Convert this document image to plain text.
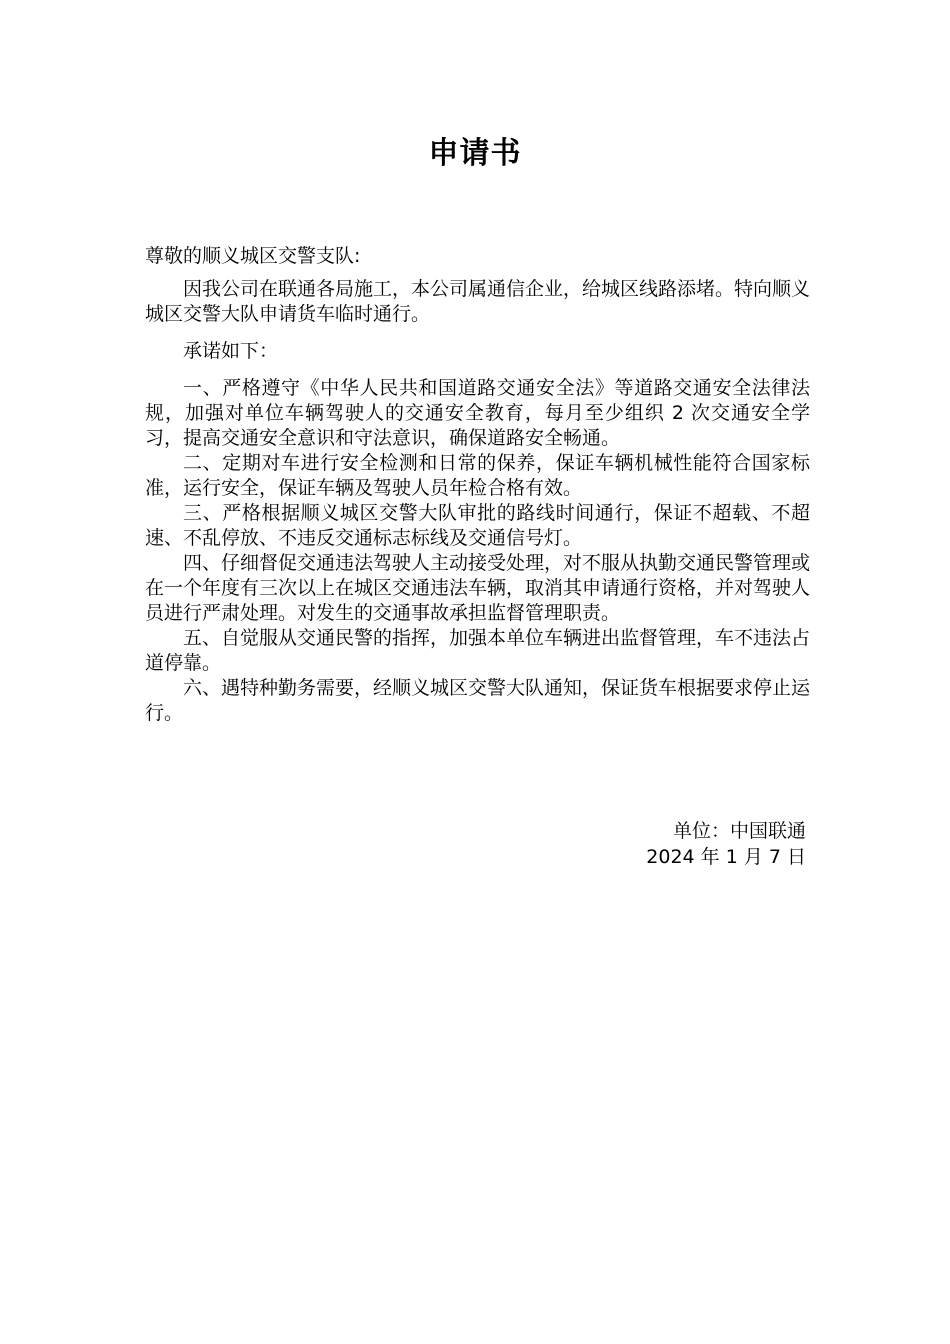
申请书

尊敬的顺义城区交警支队:

因我公司在联通各局施工，本公司属通信企业，给城区线路添堵。特向顺义城区交警大队申请货车临时通行。

承诺如下：

一、严格遵守《中华人民共和国道路交通安全法》等道路交通安全法律法规，加强对单位车辆驾驶人的交通安全教育，每月至少组织 2 次交通安全学习，提高交通安全意识和守法意识，确保道路安全畅通。

二、定期对车进行安全检测和日常的保养，保证车辆机械性能符合国家标准，运行安全，保证车辆及驾驶人员年检合格有效。

三、严格根据顺义城区交警大队审批的路线时间通行，保证不超载、不超速、不乱停放、不违反交通标志标线及交通信号灯。

四、仔细督促交通违法驾驶人主动接受处理，对不服从执勤交通民警管理或在一个年度有三次以上在城区交通违法车辆，取消其申请通行资格，并对驾驶人员进行严肃处理。对发生的交通事故承担监督管理职责。

五、自觉服从交通民警的指挥，加强本单位车辆进出监督管理，车不违法占道停靠。

六、遇特种勤务需要，经顺义城区交警大队通知，保证货车根据要求停止运行。

单位：中国联通
2024 年 1 月 7 日
